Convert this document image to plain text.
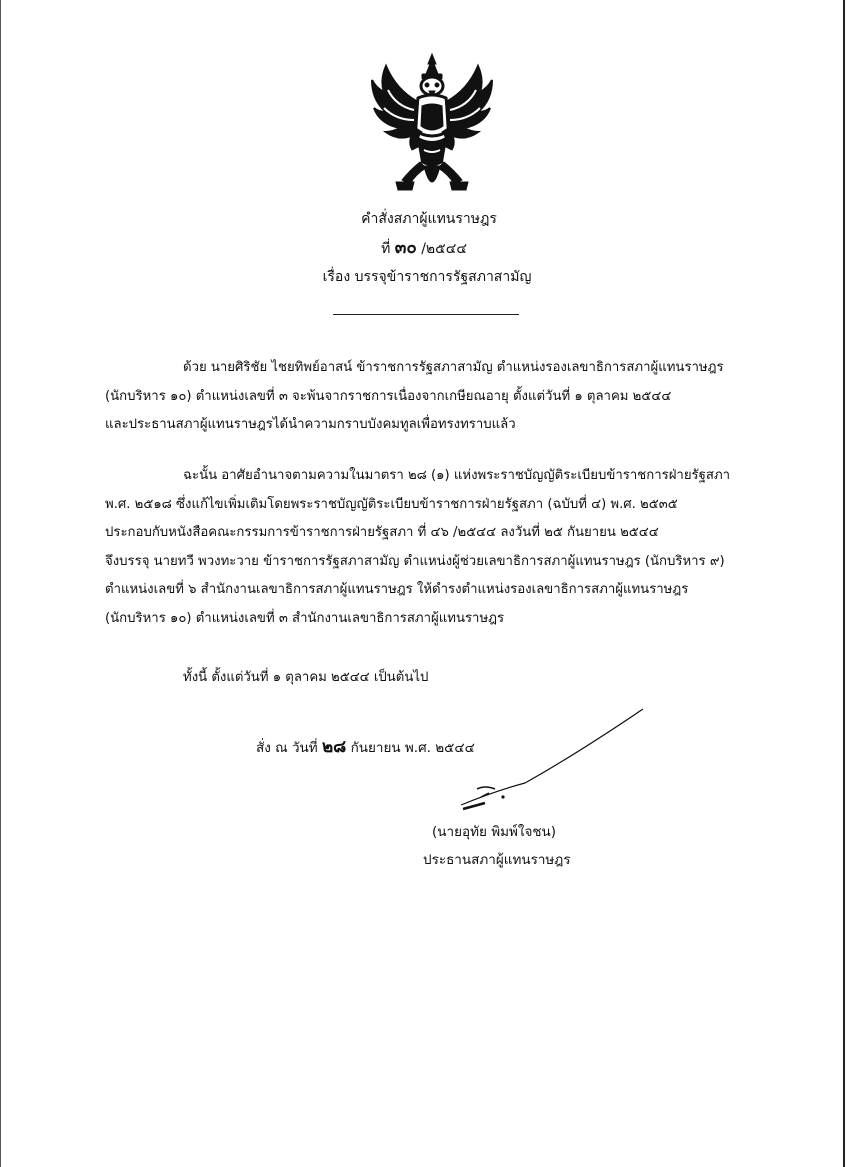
คำสั่งสภาผู้แทนราษฎร
ที่ ๓๐ /๒๕๔๔
เรื่อง บรรจุข้าราชการรัฐสภาสามัญ

ด้วย นายศิริชัย ไชยทิพย์อาสน์ ข้าราชการรัฐสภาสามัญ ตำแหน่งรองเลขาธิการสภาผู้แทนราษฎร

(นักบริหาร ๑๐) ตำแหน่งเลขที่ ๓ จะพ้นจากราชการเนื่องจากเกษียณอายุ ตั้งแต่วันที่ ๑ ตุลาคม ๒๕๔๔

และประธานสภาผู้แทนราษฎรได้นำความกราบบังคมทูลเพื่อทรงทราบแล้ว

ฉะนั้น อาศัยอำนาจตามความในมาตรา ๒๘ (๑) แห่งพระราชบัญญัติระเบียบข้าราชการฝ่ายรัฐสภา

พ.ศ. ๒๕๑๘ ซึ่งแก้ไขเพิ่มเติมโดยพระราชบัญญัติระเบียบข้าราชการฝ่ายรัฐสภา (ฉบับที่ ๔) พ.ศ. ๒๕๓๕

ประกอบกับหนังสือคณะกรรมการข้าราชการฝ่ายรัฐสภา ที่ ๔๖ /๒๕๔๔ ลงวันที่ ๒๕ กันยายน ๒๕๔๔

จึงบรรจุ นายทวี พวงทะวาย ข้าราชการรัฐสภาสามัญ ตำแหน่งผู้ช่วยเลขาธิการสภาผู้แทนราษฎร (นักบริหาร ๙)

ตำแหน่งเลขที่ ๖ สำนักงานเลขาธิการสภาผู้แทนราษฎร ให้ดำรงตำแหน่งรองเลขาธิการสภาผู้แทนราษฎร

(นักบริหาร ๑๐) ตำแหน่งเลขที่ ๓ สำนักงานเลขาธิการสภาผู้แทนราษฎร

ทั้งนี้ ตั้งแต่วันที่ ๑ ตุลาคม ๒๕๔๔ เป็นต้นไป

สั่ง ณ วันที่ ๒๘ กันยายน พ.ศ. ๒๕๔๔
(นายอุทัย พิมพ์ใจชน)
ประธานสภาผู้แทนราษฎร
